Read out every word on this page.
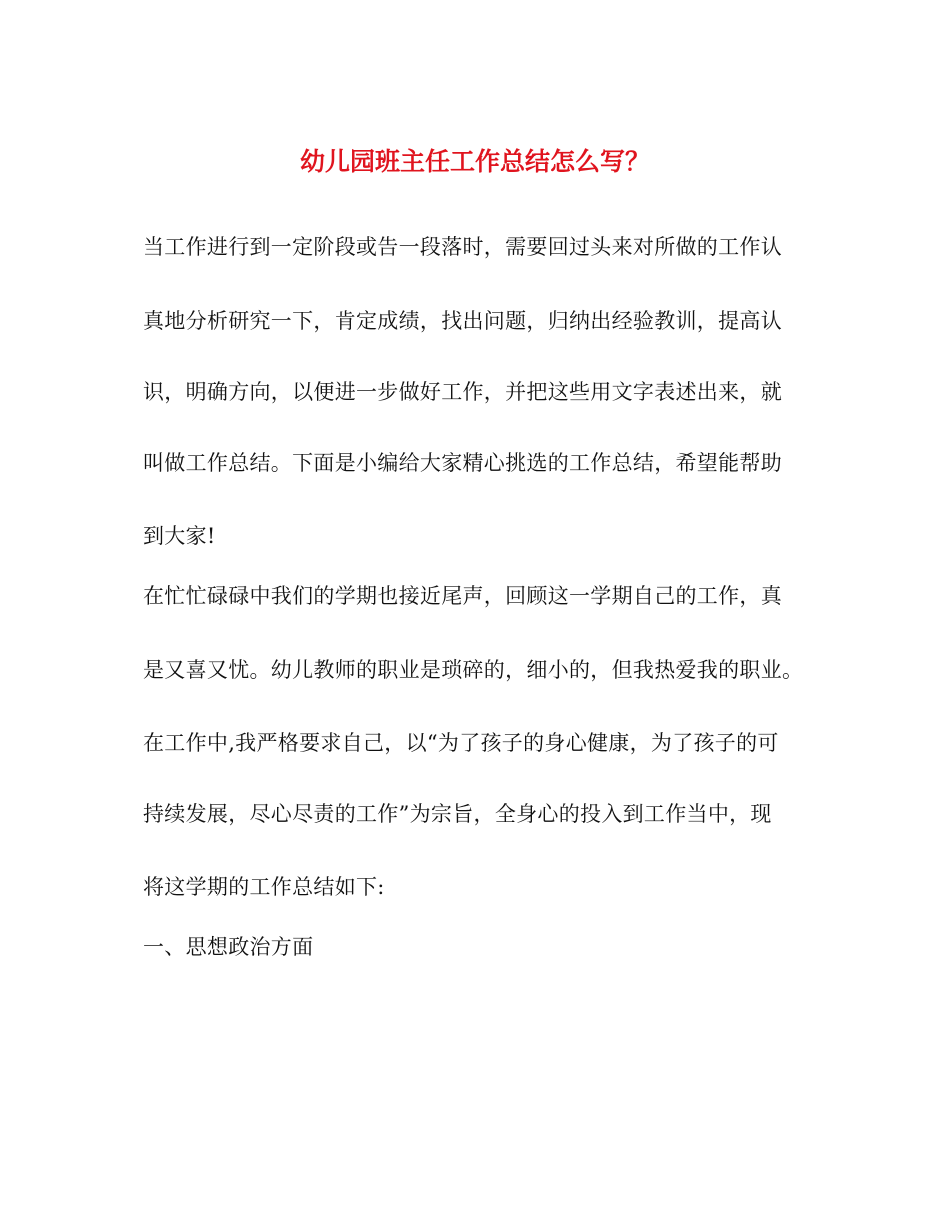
幼儿园班主任工作总结怎么写？
当工作进行到一定阶段或告一段落时，需要回过头来对所做的工作认
真地分析研究一下，肯定成绩，找出问题，归纳出经验教训，提高认
识，明确方向，以便进一步做好工作，并把这些用文字表述出来，就
叫做工作总结。下面是小编给大家精心挑选的工作总结，希望能帮助
到大家!
在忙忙碌碌中我们的学期也接近尾声，回顾这一学期自己的工作，真
是又喜又忧。幼儿教师的职业是琐碎的，细小的，但我热爱我的职业。
在工作中,我严格要求自己，以“为了孩子的身心健康，为了孩子的可
持续发展，尽心尽责的工作”为宗旨，全身心的投入到工作当中，现
将这学期的工作总结如下:
一、思想政治方面
